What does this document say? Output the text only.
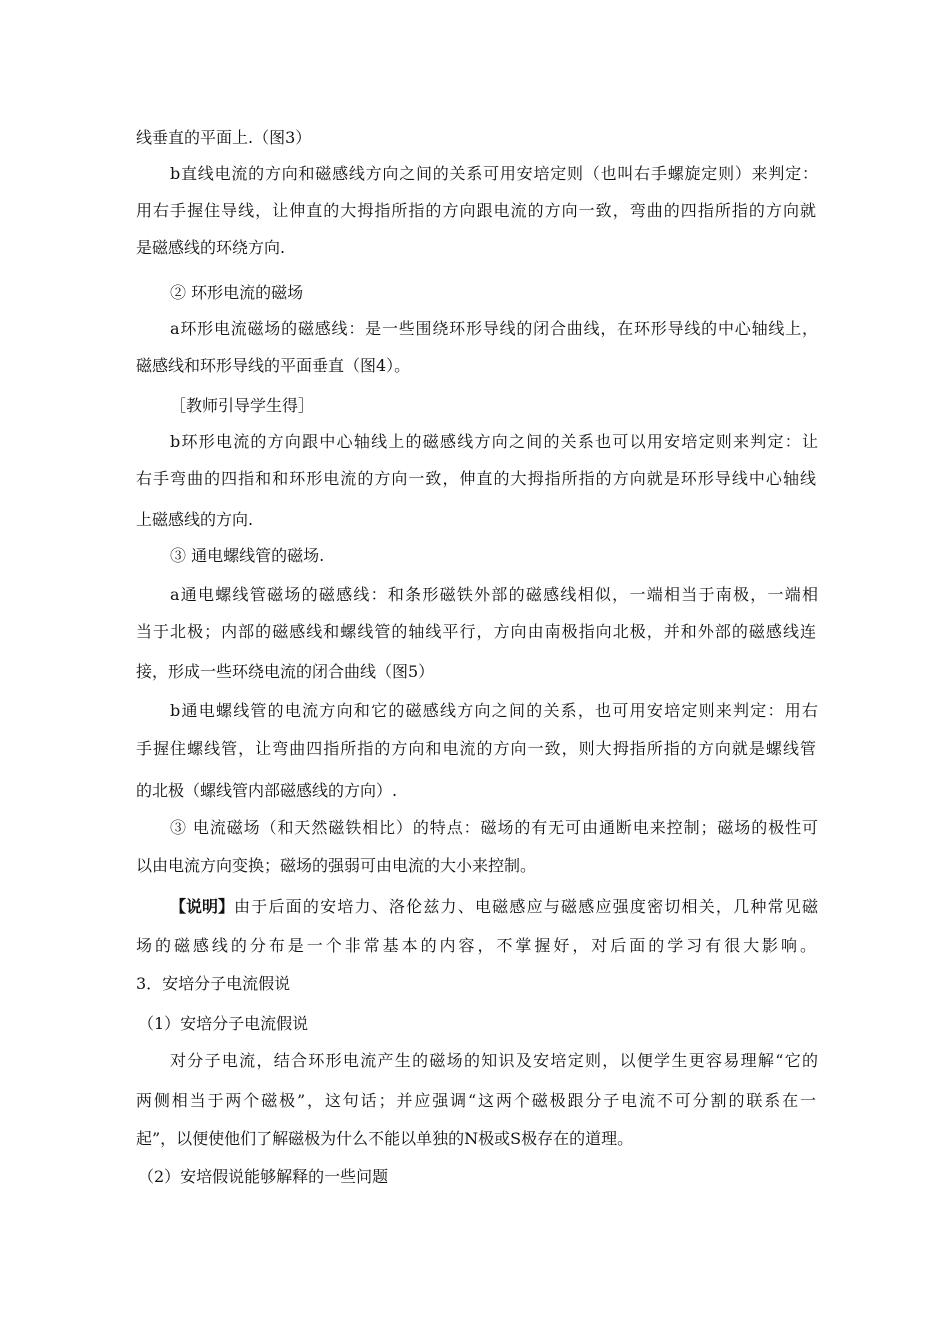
线垂直的平面上.（图3）
b直线电流的方向和磁感线方向之间的关系可用安培定则（也叫右手螺旋定则）来判定：
用右手握住导线，让伸直的大拇指所指的方向跟电流的方向一致，弯曲的四指所指的方向就
是磁感线的环绕方向.
② 环形电流的磁场
a环形电流磁场的磁感线：是一些围绕环形导线的闭合曲线，在环形导线的中心轴线上，
磁感线和环形导线的平面垂直（图4）。
［教师引导学生得］
b环形电流的方向跟中心轴线上的磁感线方向之间的关系也可以用安培定则来判定：让
右手弯曲的四指和和环形电流的方向一致，伸直的大拇指所指的方向就是环形导线中心轴线
上磁感线的方向.
③ 通电螺线管的磁场.
a通电螺线管磁场的磁感线：和条形磁铁外部的磁感线相似，一端相当于南极，一端相
当于北极；内部的磁感线和螺线管的轴线平行，方向由南极指向北极，并和外部的磁感线连
接，形成一些环绕电流的闭合曲线（图5）
b通电螺线管的电流方向和它的磁感线方向之间的关系，也可用安培定则来判定：用右
手握住螺线管，让弯曲四指所指的方向和电流的方向一致，则大拇指所指的方向就是螺线管
的北极（螺线管内部磁感线的方向）.
③ 电流磁场（和天然磁铁相比）的特点：磁场的有无可由通断电来控制；磁场的极性可
以由电流方向变换；磁场的强弱可由电流的大小来控制。
【说明】 由于后面的安培力、洛伦兹力、电磁感应与磁感应强度密切相关，几种常见磁
场的磁感线的分布是一个非常基本的内容，不掌握好，对后面的学习有很大影响。
3．安培分子电流假说
（1）安培分子电流假说
对分子电流，结合环形电流产生的磁场的知识及安培定则，以便学生更容易理解“它的
两侧相当于两个磁极”，这句话；并应强调“这两个磁极跟分子电流不可分割的联系在一
起”，以便使他们了解磁极为什么不能以单独的N极或S极存在的道理。
（2）安培假说能够解释的一些问题
